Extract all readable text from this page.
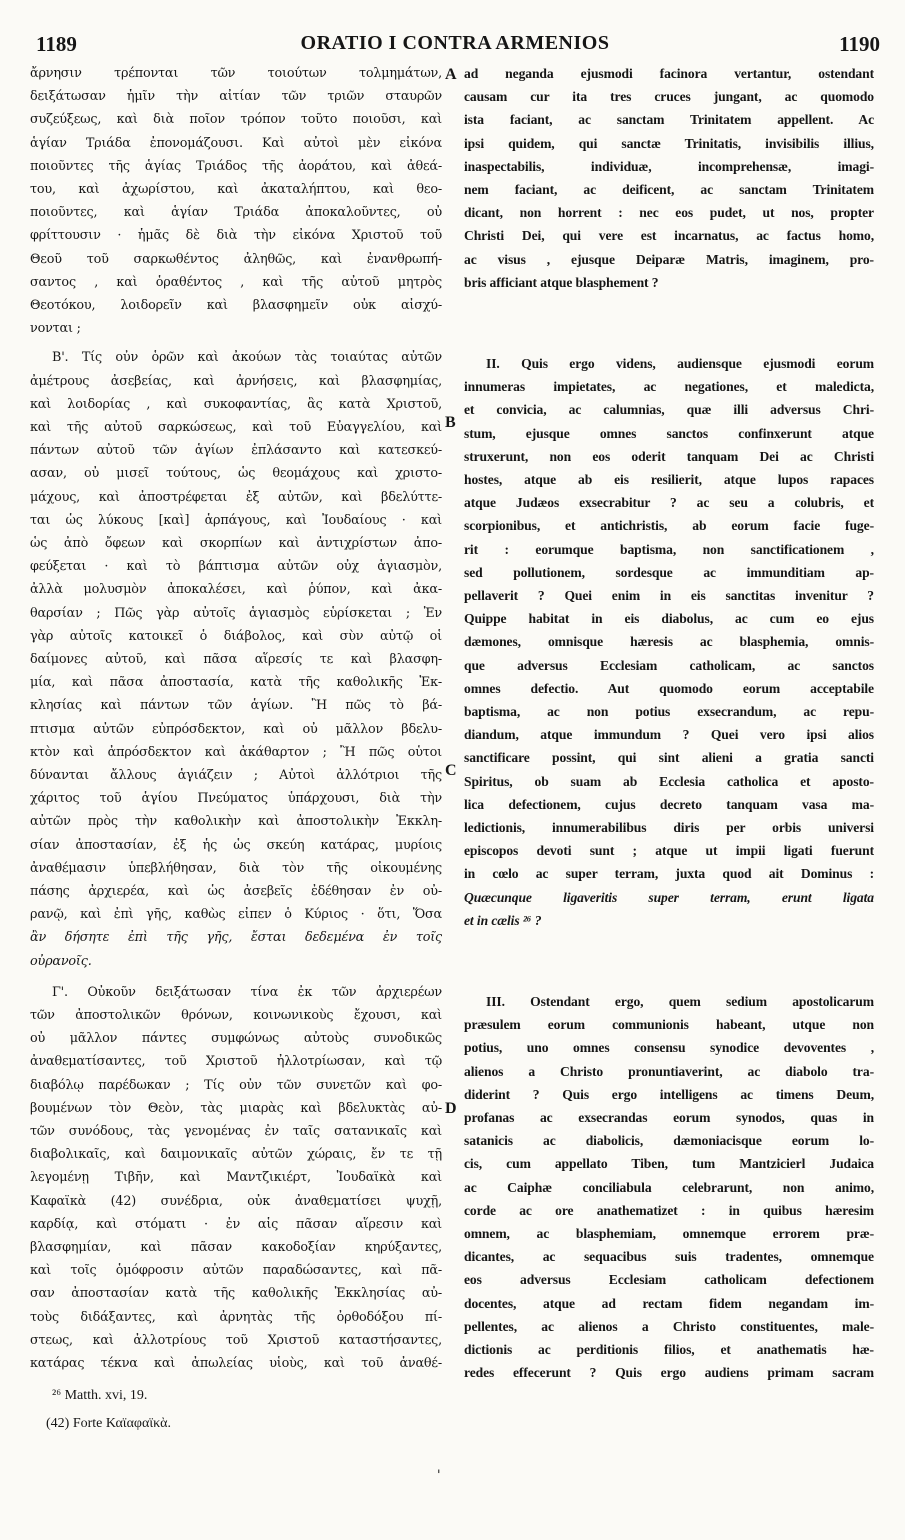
1189	ORATIO I CONTRA ARMENIOS	1190
ἄρνησιν τρέπονται τῶν τοιούτων τολμημάτων,
δειξάτωσαν ἡμῖν τὴν αἰτίαν τῶν τριῶν σταυρῶν
συζεύξεως, καὶ διὰ ποῖον τρόπον τοῦτο ποιοῦσι, καὶ
ἁγίαν Τριάδα ἐπονομάζουσι. Καὶ αὐτοὶ μὲν εἰκόνα
ποιοῦντες τῆς ἁγίας Τριάδος τῆς ἀοράτου, καὶ ἀθεά-
του, καὶ ἀχωρίστου, καὶ ἀκαταλήπτου, καὶ θεο-
ποιοῦντες, καὶ ἁγίαν Τριάδα ἀποκαλοῦντες, οὐ
φρίττουσιν · ἡμᾶς δὲ διὰ τὴν εἰκόνα Χριστοῦ τοῦ
Θεοῦ τοῦ σαρκωθέντος ἀληθῶς, καὶ ἐνανθρωπή-
σαντος , καὶ ὁραθέντος , καὶ τῆς αὐτοῦ μητρὸς
Θεοτόκου, λοιδορεῖν καὶ βλασφημεῖν οὐκ αἰσχύ-
νονται ;
Β'. Τίς οὖν ὁρῶν καὶ ἀκούων τὰς τοιαύτας αὐτῶν
ἀμέτρους ἀσεβείας, καὶ ἀρνήσεις, καὶ βλασφημίας,
καὶ λοιδορίας , καὶ συκοφαντίας, ἃς κατὰ Χριστοῦ,
καὶ τῆς αὐτοῦ σαρκώσεως, καὶ τοῦ Εὐαγγελίου, καὶ
πάντων αὐτοῦ τῶν ἁγίων ἐπλάσαντο καὶ κατεσκεύ-
ασαν, οὐ μισεῖ τούτους, ὡς θεομάχους καὶ χριστο-
μάχους, καὶ ἀποστρέφεται ἐξ αὐτῶν, καὶ βδελύττε-
ται ὡς λύκους [καὶ] ἁρπάγους, καὶ Ἰουδαίους · καὶ
ὡς ἀπὸ ὄφεων καὶ σκορπίων καὶ ἀντιχρίστων ἀπο-
φεύξεται · καὶ τὸ βάπτισμα αὐτῶν οὐχ ἁγιασμὸν,
ἀλλὰ μολυσμὸν ἀποκαλέσει, καὶ ῥύπον, καὶ ἀκα-
θαρσίαν ; Πῶς γὰρ αὐτοῖς ἁγιασμὸς εὑρίσκεται ; Ἐν
γὰρ αὐτοῖς κατοικεῖ ὁ διάβολος, καὶ σὺν αὐτῷ οἱ
δαίμονες αὐτοῦ, καὶ πᾶσα αἵρεσίς τε καὶ βλασφη-
μία, καὶ πᾶσα ἀποστασία, κατὰ τῆς καθολικῆς Ἐκ-
κλησίας καὶ πάντων τῶν ἁγίων. Ἢ πῶς τὸ βά-
πτισμα αὐτῶν εὐπρόσδεκτον, καὶ οὐ μᾶλλον βδελυ-
κτὸν καὶ ἀπρόσδεκτον καὶ ἀκάθαρτον ; Ἢ πῶς οὗτοι
δύνανται ἄλλους ἁγιάζειν ; Αὐτοὶ ἀλλότριοι τῆς
χάριτος τοῦ ἁγίου Πνεύματος ὑπάρχουσι, διὰ τὴν
αὐτῶν πρὸς τὴν καθολικὴν καὶ ἀποστολικὴν Ἐκκλη-
σίαν ἀποστασίαν, ἐξ ἧς ὡς σκεύη κατάρας, μυρίοις
ἀναθέμασιν ὑπεβλήθησαν, διὰ τὸν τῆς οἰκουμένης
πάσης ἀρχιερέα, καὶ ὡς ἀσεβεῖς ἐδέθησαν ἐν οὐ-
ρανῷ, καὶ ἐπὶ γῆς, καθὼς εἶπεν ὁ Κύριος · ὅτι, Ὅσα
ἂν δήσητε ἐπὶ τῆς γῆς, ἔσται δεδεμένα ἐν τοῖς
οὐρανοῖς.
Γ'. Οὐκοῦν δειξάτωσαν τίνα ἐκ τῶν ἀρχιερέων
τῶν ἀποστολικῶν θρόνων, κοινωνικοὺς ἔχουσι, καὶ
οὐ μᾶλλον πάντες συμφώνως αὐτοὺς συνοδικῶς
ἀναθεματίσαντες, τοῦ Χριστοῦ ἠλλοτρίωσαν, καὶ τῷ
διαβόλῳ παρέδωκαν ; Τίς οὖν τῶν συνετῶν καὶ φο-
βουμένων τὸν Θεὸν, τὰς μιαρὰς καὶ βδελυκτὰς αὐ-
τῶν συνόδους, τὰς γενομένας ἐν ταῖς σατανικαῖς καὶ
διαβολικαῖς, καὶ δαιμονικαῖς αὐτῶν χώραις, ἔν τε τῇ
λεγομένῃ Τιβῆν, καὶ Μαντζικιέρτ, Ἰουδαϊκὰ καὶ
Καφαϊκὰ (42) συνέδρια, οὐκ ἀναθεματίσει ψυχῇ,
καρδίᾳ, καὶ στόματι · ἐν αἷς πᾶσαν αἵρεσιν καὶ
βλασφημίαν, καὶ πᾶσαν κακοδοξίαν κηρύξαντες,
καὶ τοῖς ὁμόφροσιν αὐτῶν παραδώσαντες, καὶ πᾶ-
σαν ἀποστασίαν κατὰ τῆς καθολικῆς Ἐκκλησίας αὐ-
τοὺς διδάξαντες, καὶ ἀρνητὰς τῆς ὀρθοδόξου πί-
στεως, καὶ ἀλλοτρίους τοῦ Χριστοῦ καταστήσαντες,
κατάρας τέκνα καὶ ἀπωλείας υἱοὺς, καὶ τοῦ ἀναθέ-
ad neganda ejusmodi facinora vertantur, ostendant
causam cur ita tres cruces jungant, ac quomodo
ista faciant, ac sanctam Trinitatem appellent. Ac
ipsi quidem, qui sanctæ Trinitatis, invisibilis illius,
inaspectabilis, individuæ, incomprehensæ, imagi-
nem faciant, ac deificent, ac sanctam Trinitatem
dicant, non horrent : nec eos pudet, ut nos, propter
Christi Dei, qui vere est incarnatus, ac factus homo,
ac visus , ejusque Deiparæ Matris, imaginem, pro-
bris afficiant atque blasphement ?
II. Quis ergo videns, audiensque ejusmodi eorum
innumeras impietates, ac negationes, et maledicta,
et convicia, ac calumnias, quæ illi adversus Chri-
stum, ejusque omnes sanctos confinxerunt atque
struxerunt, non eos oderit tanquam Dei ac Christi
hostes, atque ab eis resilierit, atque lupos rapaces
atque Judæos exsecrabitur ? ac seu a colubris, et
scorpionibus, et antichristis, ab eorum facie fuge-
rit : eorumque baptisma, non sanctificationem ,
sed pollutionem, sordesque ac immunditiam ap-
pellaverit ? Quei enim in eis sanctitas invenitur ?
Quippe habitat in eis diabolus, ac cum eo ejus
dæmones, omnisque hæresis ac blasphemia, omnis-
que adversus Ecclesiam catholicam, ac sanctos
omnes defectio. Aut quomodo eorum acceptabile
baptisma, ac non potius exsecrandum, ac repu-
diandum, atque immundum ? Quei vero ipsi alios
sanctificare possint, qui sint alieni a gratia sancti
Spiritus, ob suam ab Ecclesia catholica et aposto-
lica defectionem, cujus decreto tanquam vasa ma-
ledictionis, innumerabilibus diris per orbis universi
episcopos devoti sunt ; atque ut impii ligati fuerunt
in cœlo ac super terram, juxta quod ait Dominus :
Quæcunque ligaveritis super terram, erunt ligata
et in cælis ²⁶ ?
III. Ostendant ergo, quem sedium apostolicarum
præsulem eorum communionis habeant, utque non
potius, uno omnes consensu synodice devoventes ,
alienos a Christo pronuntiaverint, ac diabolo tra-
diderint ? Quis ergo intelligens ac timens Deum,
profanas ac exsecrandas eorum synodos, quas in
satanicis ac diabolicis, dæmoniacisque eorum lo-
cis, cum appellato Tiben, tum Mantzicierl Judaica
ac Caiphæ conciliabula celebrarunt, non animo,
corde ac ore anathematizet : in quibus hæresim
omnem, ac blasphemiam, omnemque errorem præ-
dicantes, ac sequacibus suis tradentes, omnemque
eos adversus Ecclesiam catholicam defectionem
docentes, atque ad rectam fidem negandam im-
pellentes, ac alienos a Christo constituentes, male-
dictionis ac perditionis filios, et anathematis hæ-
redes effecerunt ? Quis ergo audiens primam sacram
A
B
C
D
²⁶ Matth. xvi, 19.
(42) Forte Καϊαφαϊκὰ.
'
